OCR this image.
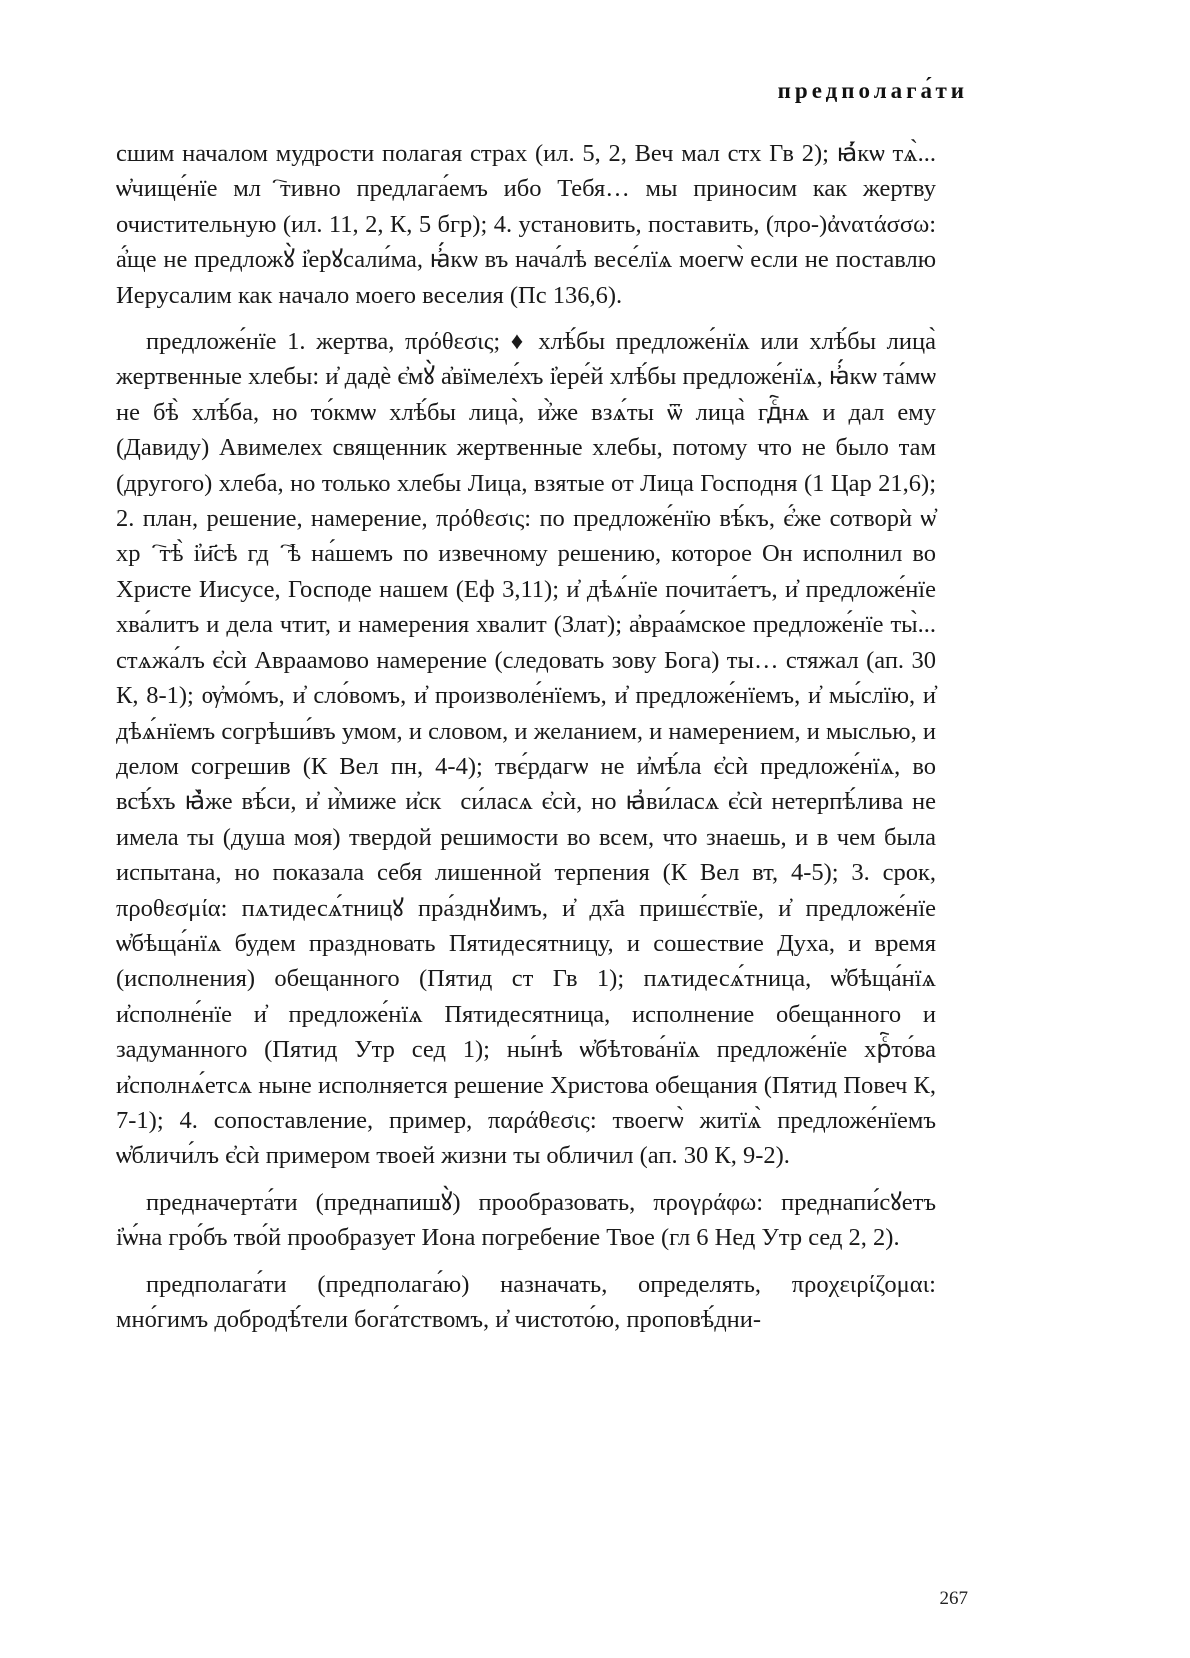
предполага́ти

сшим началом мудрости полагая страх (ил. 5, 2, Веч мал стх Гв 2); ꙗ҆́кѡ тѧ̀... ѡ҆чище́нїе млⷭ҇тивно предлага́емъ ибо Тебя… мы приносим как жертву очистительную (ил. 11, 2, К, 5 бгр); 4. установить, поставить, (προ-)ἀνατάσσω: а҆́ще не предложꙋ̀ і҆ерꙋсали́ма, ꙗ҆́кѡ въ нача́лѣ весе́лїѧ моегѡ̀ если не поставлю Иерусалим как начало моего веселия (Пс 136,6).

предложе́нїе 1. жертва, πρόθεσις; ♦ хлѣ́бы предложе́нїѧ или хлѣ́бы лица̀ жертвенные хлебы: и҆ дадѐ є҆мꙋ̀ а҆вїмеле́хъ і҆ере́й хлѣ́бы предложе́нїѧ, ꙗ҆́кѡ та́мѡ не бѣ̀ хлѣ́ба, но то́кмѡ хлѣ́бы лица̀, и҆̀же взѧ́ты ѿ лица̀ гдⷭ҇нѧ и дал ему (Давиду) Авимелех священник жертвенные хлебы, потому что не было там (другого) хлеба, но только хлебы Лица, взятые от Лица Господня (1 Цар 21,6); 2. план, решение, намерение, πρόθεσις: по предложе́нїю вѣ́къ, є҆́же сотворѝ ѡ҆ хрⷭ҇тѣ̀ і҆и҃сѣ гдⷭ҇ѣ на́шемъ по извечному решению, которое Он исполнил во Христе Иисусе, Господе нашем (Еф 3,11); и҆ дѣѧ́нїе почита́етъ, и҆ предложе́нїе хва́литъ и дела чтит, и намерения хвалит (Злат); а҆враа́мское предложе́нїе ты̀... стѧжа́лъ є҆сѝ Авраамово намерение (следовать зову Бога) ты… стяжал (ап. 30 К, 8-1); ѹ҆мо́мъ, и҆ сло́вомъ, и҆ произволе́нїемъ, и҆ предложе́нїемъ, и҆ мы́слїю, и҆ дѣѧ́нїемъ согрѣши́въ умом, и словом, и желанием, и намерением, и мыслью, и делом согрешив (К Вел пн, 4-4); твє́рдагѡ не и҆мѣ́ла є҆сѝ предложе́нїѧ, во всѣ́хъ ꙗ҆̀же вѣ́си, и҆ и҆̀миже и҆скꙋси́ласѧ є҆сѝ, но ꙗ҆ви́ласѧ є҆сѝ нетерпѣ́лива не имела ты (душа моя) твердой решимости во всем, что знаешь, и в чем была испытана, но показала себя лишенной терпения (К Вел вт, 4-5); 3. срок, προθεσμία: пѧтидесѧ́тницꙋ пра́зднꙋимъ, и҆ дх҃а пришє́ствїе, и҆ предложе́нїе ѡ҆бѣща́нїѧ будем праздновать Пятидесятницу, и сошествие Духа, и время (исполнения) обещанного (Пятид ст Гв 1); пѧтидесѧ́тница, ѡ҆бѣща́нїѧ и҆сполне́нїе и҆ предложе́нїѧ Пятидесятница, исполнение обещанного и задуманного (Пятид Утр сед 1); ны́нѣ ѡ҆бѣтова́нїѧ предложе́нїе хрⷭ҇то́ва и҆сполнѧ́етсѧ ныне исполняется решение Христова обещания (Пятид Повеч К, 7-1); 4. сопоставление, пример, παράθεσις: твоегѡ̀ житїѧ̀ предложе́нїемъ ѡ҆бличи́лъ є҆сѝ примером твоей жизни ты обличил (ап. 30 К, 9-2).

предначерта́ти (преднапишꙋ̀) прообразовать, προγράφω: преднапи́сꙋетъ і҆ѡ́на гро́бъ тво́й прообразует Иона погребение Твое (гл 6 Нед Утр сед 2, 2).

предполага́ти (предполага́ю) назначать, определять, προχειρίζομαι: мно́гимъ добродѣ́тели бога́тствомъ, и҆ чистото́ю, проповѣ́дни-

267
